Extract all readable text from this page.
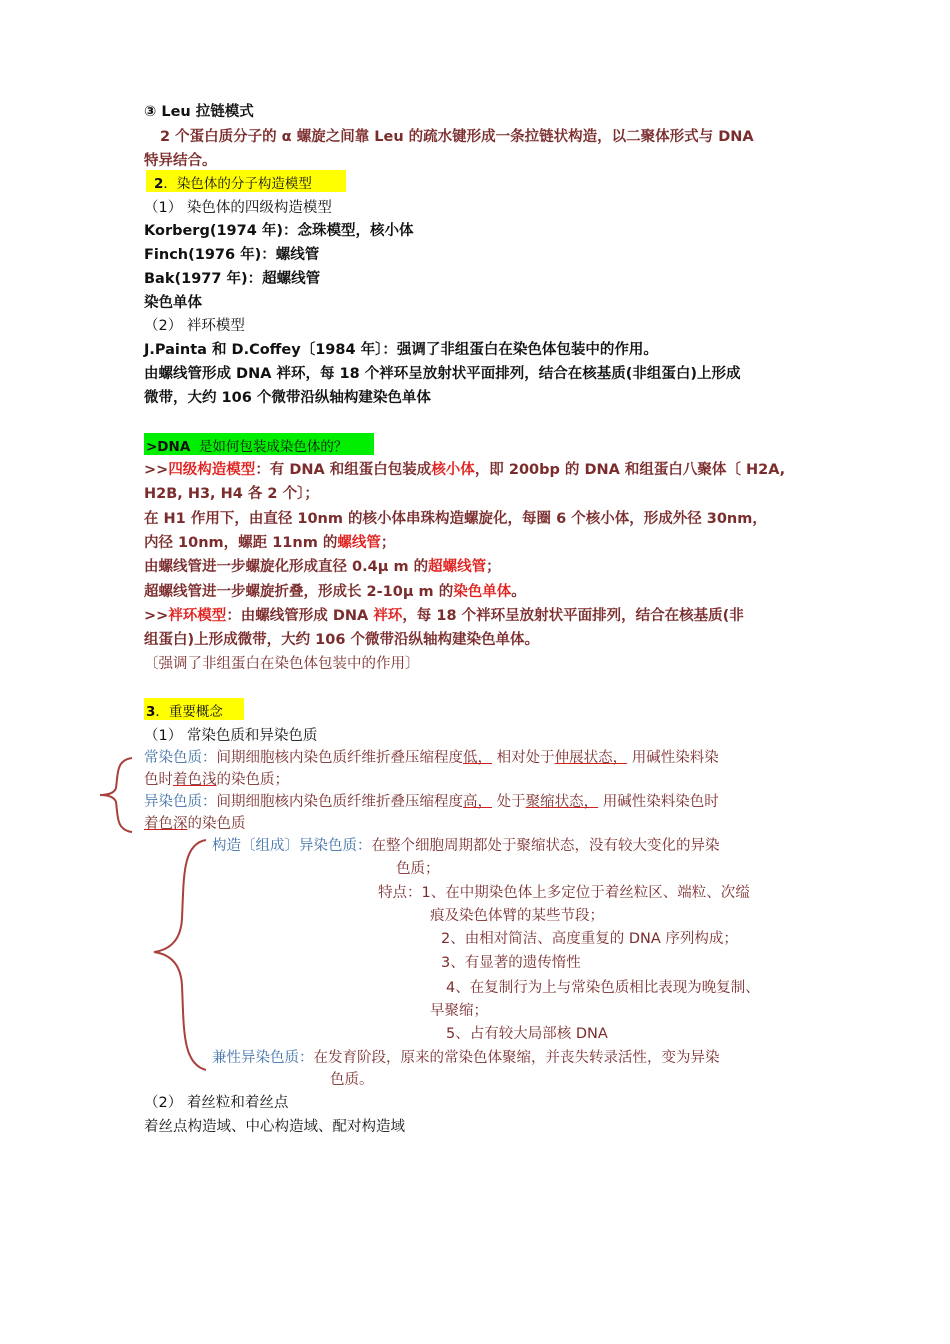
③ Leu 拉链模式
2 个蛋白质分子的 α 螺旋之间靠 Leu 的疏水键形成一条拉链状构造，以二聚体形式与 DNA
特异结合。
2．染色体的分子构造模型
（1） 染色体的四级构造模型
Korberg(1974 年)：念珠模型，核小体
Finch(1976 年)：螺线管
Bak(1977 年)：超螺线管
染色单体
（2） 袢环模型
J.Painta 和 D.Coffey〔1984 年〕：强调了非组蛋白在染色体包装中的作用。
由螺线管形成 DNA 袢环，每 18 个袢环呈放射状平面排列，结合在核基质(非组蛋白)上形成
微带，大约 106 个微带沿纵轴构建染色单体
>DNA 是如何包装成染色体的？
>>四级构造模型：有 DNA 和组蛋白包装成核小体，即 200bp 的 DNA 和组蛋白八聚体〔 H2A,
H2B, H3, H4 各 2 个〕；
在 H1 作用下，由直径 10nm 的核小体串珠构造螺旋化，每圈 6 个核小体，形成外径 30nm，
内径 10nm，螺距 11nm 的螺线管；
由螺线管进一步螺旋化形成直径 0.4μ m 的超螺线管；
超螺线管进一步螺旋折叠，形成长 2-10μ m 的染色单体。
>>袢环模型：由螺线管形成 DNA 袢环，每 18 个袢环呈放射状平面排列，结合在核基质(非
组蛋白)上形成微带，大约 106 个微带沿纵轴构建染色单体。
〔强调了非组蛋白在染色体包装中的作用〕
3．重要概念
（1） 常染色质和异染色质
常染色质：间期细胞核内染色质纤维折叠压缩程度低， 相对处于伸展状态， 用碱性染料染
色时着色浅的染色质；
异染色质：间期细胞核内染色质纤维折叠压缩程度高， 处于聚缩状态， 用碱性染料染色时
着色深的染色质
构造〔组成〕异染色质：在整个细胞周期都处于聚缩状态，没有较大变化的异染
色质；
特点：1、在中期染色体上多定位于着丝粒区、端粒、次缢
痕及染色体臂的某些节段；
2、由相对简洁、高度重复的 DNA 序列构成；
3、有显著的遗传惰性
4、在复制行为上与常染色质相比表现为晚复制、
早聚缩；
5、占有较大局部核 DNA
兼性异染色质：在发育阶段，原来的常染色体聚缩，并丧失转录活性，变为异染
色质。
（2） 着丝粒和着丝点
着丝点构造域、中心构造域、配对构造域
